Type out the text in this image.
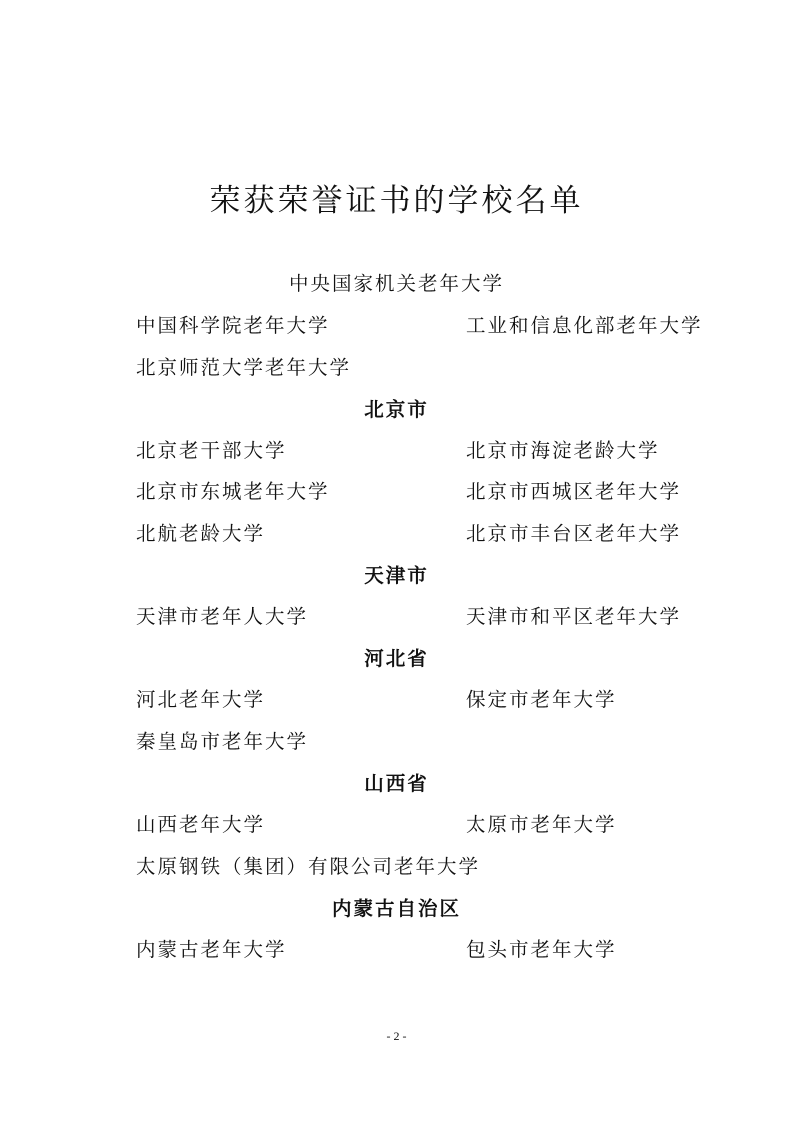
荣获荣誉证书的学校名单
中央国家机关老年大学
中国科学院老年大学	工业和信息化部老年大学
北京师范大学老年大学
北京市
北京老干部大学	北京市海淀老龄大学
北京市东城老年大学	北京市西城区老年大学
北航老龄大学	北京市丰台区老年大学
天津市
天津市老年人大学	天津市和平区老年大学
河北省
河北老年大学	保定市老年大学
秦皇岛市老年大学
山西省
山西老年大学	太原市老年大学
太原钢铁（集团）有限公司老年大学
内蒙古自治区
内蒙古老年大学	包头市老年大学
- 2 -
